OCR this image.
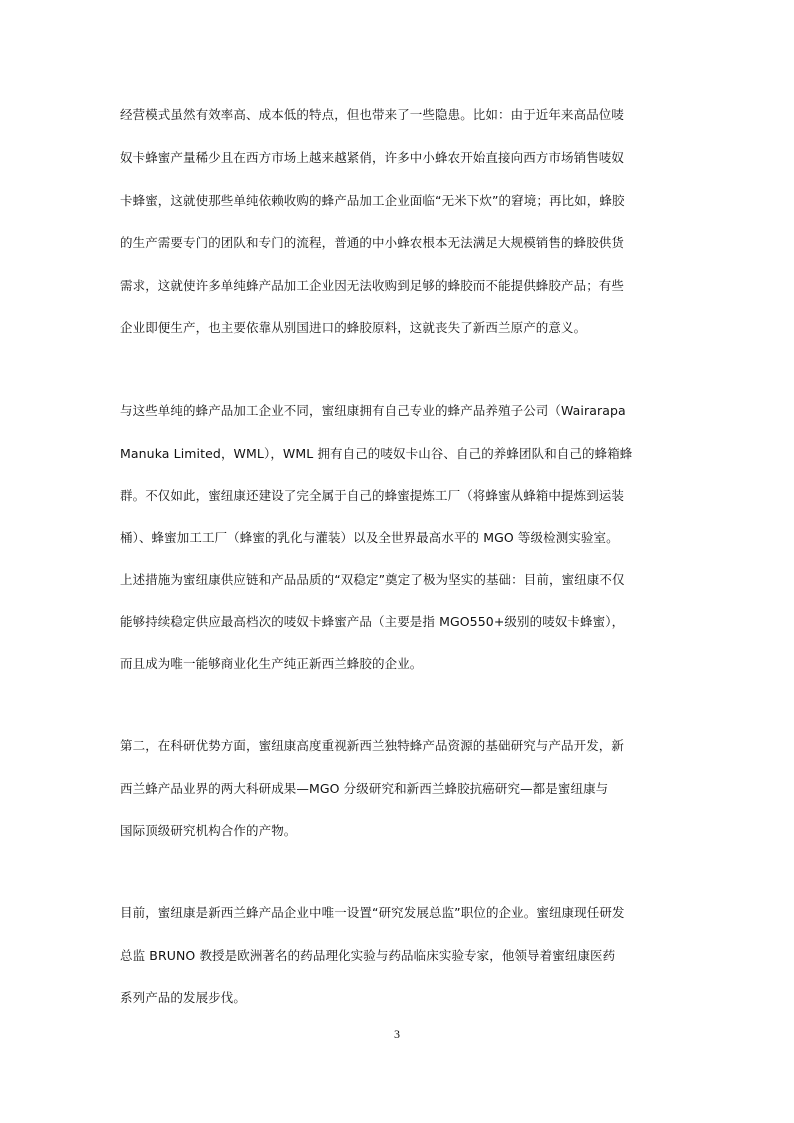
经营模式虽然有效率高、成本低的特点，但也带来了一些隐患。比如：由于近年来高品位唛
奴卡蜂蜜产量稀少且在西方市场上越来越紧俏，许多中小蜂农开始直接向西方市场销售唛奴
卡蜂蜜，这就使那些单纯依赖收购的蜂产品加工企业面临“无米下炊”的窘境；再比如，蜂胶
的生产需要专门的团队和专门的流程，普通的中小蜂农根本无法满足大规模销售的蜂胶供货
需求，这就使许多单纯蜂产品加工企业因无法收购到足够的蜂胶而不能提供蜂胶产品；有些
企业即便生产，也主要依靠从别国进口的蜂胶原料，这就丧失了新西兰原产的意义。
与这些单纯的蜂产品加工企业不同，蜜纽康拥有自己专业的蜂产品养殖子公司（Wairarapa
Manuka Limited，WML），WML 拥有自己的唛奴卡山谷、自己的养蜂团队和自己的蜂箱蜂
群。不仅如此，蜜纽康还建设了完全属于自己的蜂蜜提炼工厂（将蜂蜜从蜂箱中提炼到运装
桶）、蜂蜜加工工厂（蜂蜜的乳化与灌装）以及全世界最高水平的 MGO 等级检测实验室。
上述措施为蜜纽康供应链和产品品质的“双稳定”奠定了极为坚实的基础：目前，蜜纽康不仅
能够持续稳定供应最高档次的唛奴卡蜂蜜产品（主要是指 MGO550+级别的唛奴卡蜂蜜），
而且成为唯一能够商业化生产纯正新西兰蜂胶的企业。
第二，在科研优势方面，蜜纽康高度重视新西兰独特蜂产品资源的基础研究与产品开发，新
西兰蜂产品业界的两大科研成果—MGO 分级研究和新西兰蜂胶抗癌研究—都是蜜纽康与
国际顶级研究机构合作的产物。
目前，蜜纽康是新西兰蜂产品企业中唯一设置“研究发展总监”职位的企业。蜜纽康现任研发
总监 BRUNO 教授是欧洲著名的药品理化实验与药品临床实验专家，他领导着蜜纽康医药
系列产品的发展步伐。
3
